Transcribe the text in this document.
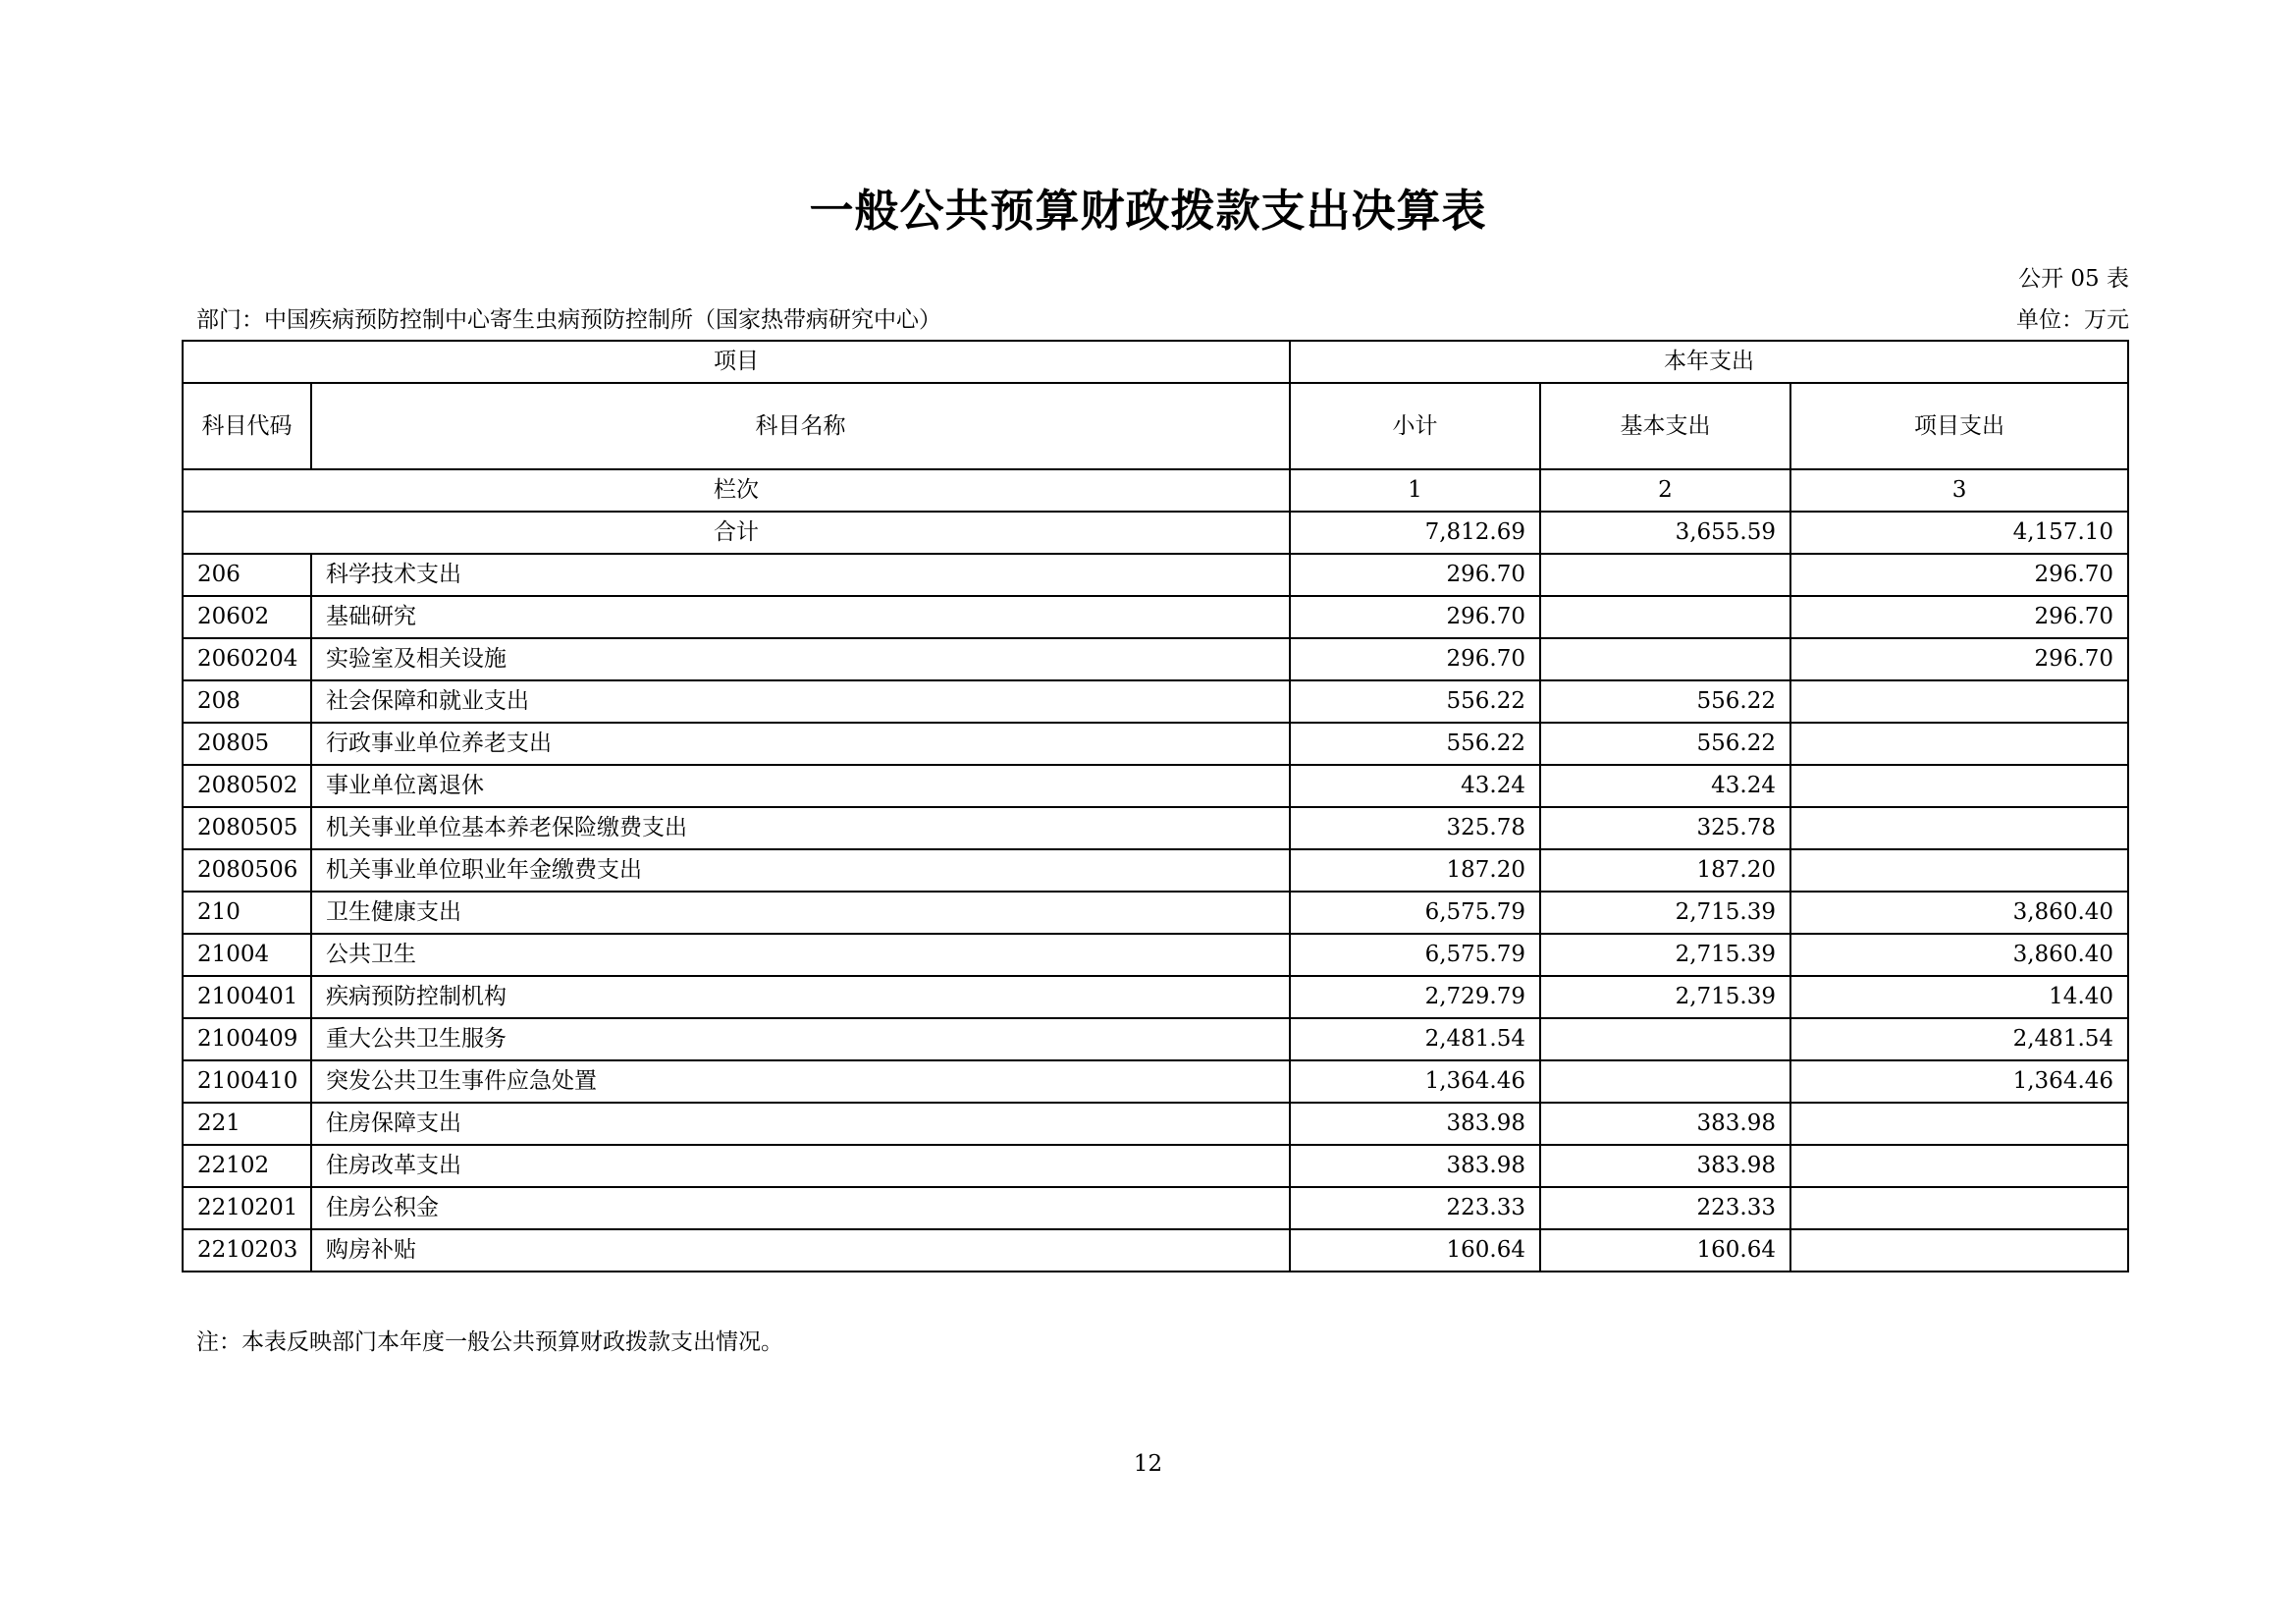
一般公共预算财政拨款支出决算表
公开 05 表
部门：中国疾病预防控制中心寄生虫病预防控制所（国家热带病研究中心）	单位：万元
项目		本年支出		
科目代码	科目名称	小计	基本支出	项目支出
栏次		1	2	3
合计		7,812.69	3,655.59	4,157.10
206	科学技术支出	296.70		296.70
20602	基础研究	296.70		296.70
2060204	实验室及相关设施	296.70		296.70
208	社会保障和就业支出	556.22	556.22	
20805	行政事业单位养老支出	556.22	556.22	
2080502	事业单位离退休	43.24	43.24	
2080505	机关事业单位基本养老保险缴费支出	325.78	325.78	
2080506	机关事业单位职业年金缴费支出	187.20	187.20	
210	卫生健康支出	6,575.79	2,715.39	3,860.40
21004	公共卫生	6,575.79	2,715.39	3,860.40
2100401	疾病预防控制机构	2,729.79	2,715.39	14.40
2100409	重大公共卫生服务	2,481.54		2,481.54
2100410	突发公共卫生事件应急处置	1,364.46		1,364.46
221	住房保障支出	383.98	383.98	
22102	住房改革支出	383.98	383.98	
2210201	住房公积金	223.33	223.33	
2210203	购房补贴	160.64	160.64	
注：本表反映部门本年度一般公共预算财政拨款支出情况。
12
